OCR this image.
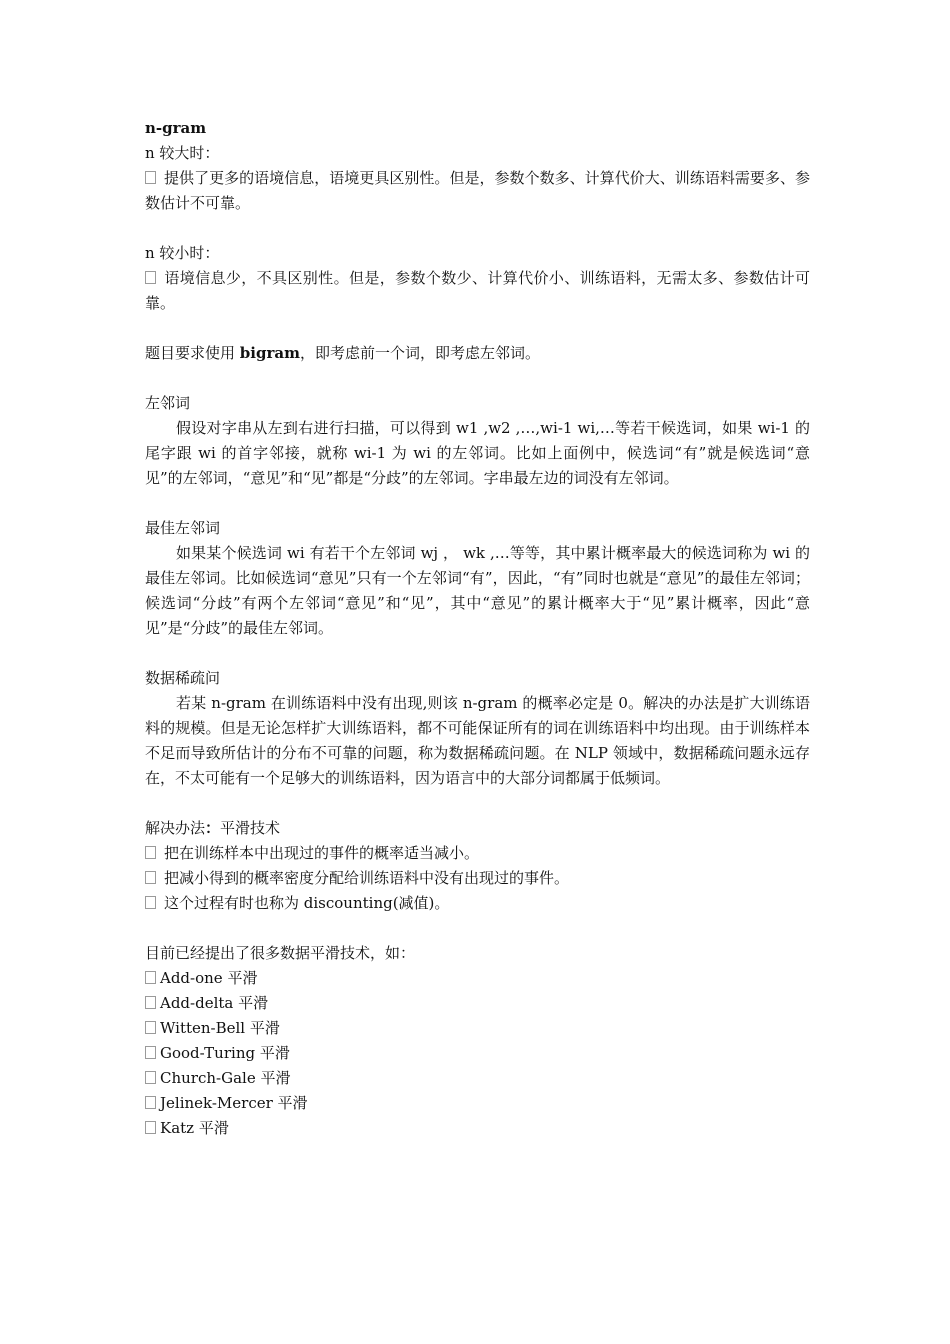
n-gram
n 较大时：
提供了更多的语境信息，语境更具区别性。但是，参数个数多、计算代价大、训练语料需要多、参数估计不可靠。
n 较小时：
语境信息少，不具区别性。但是，参数个数少、计算代价小、训练语料，无需太多、参数估计可靠。
题目要求使用 bigram，即考虑前一个词，即考虑左邻词。
左邻词
假设对字串从左到右进行扫描，可以得到 w1 ,w2 ,…,wi-1 wi,…等若干候选词，如果 wi-1 的尾字跟 wi 的首字邻接，就称 wi-1 为 wi 的左邻词。比如上面例中，候选词“有”就是候选词“意见”的左邻词，“意见”和“见”都是“分歧”的左邻词。字串最左边的词没有左邻词。
最佳左邻词
如果某个候选词 wi 有若干个左邻词 wj ， wk ,…等等，其中累计概率最大的候选词称为 wi 的最佳左邻词。比如候选词“意见”只有一个左邻词“有”，因此，“有”同时也就是“意见”的最佳左邻词；候选词“分歧”有两个左邻词“意见”和“见”，其中“意见”的累计概率大于“见”累计概率，因此“意见”是“分歧”的最佳左邻词。
数据稀疏问
若某 n-gram 在训练语料中没有出现,则该 n-gram 的概率必定是 0。解决的办法是扩大训练语料的规模。但是无论怎样扩大训练语料，都不可能保证所有的词在训练语料中均出现。由于训练样本不足而导致所估计的分布不可靠的问题，称为数据稀疏问题。在 NLP 领域中，数据稀疏问题永远存在，不太可能有一个足够大的训练语料，因为语言中的大部分词都属于低频词。
解决办法：平滑技术
把在训练样本中出现过的事件的概率适当减小。
把减小得到的概率密度分配给训练语料中没有出现过的事件。
这个过程有时也称为 discounting(减值)。
目前已经提出了很多数据平滑技术，如：
Add-one 平滑
Add-delta 平滑
Witten-Bell 平滑
Good-Turing 平滑
Church-Gale 平滑
Jelinek-Mercer 平滑
Katz 平滑
